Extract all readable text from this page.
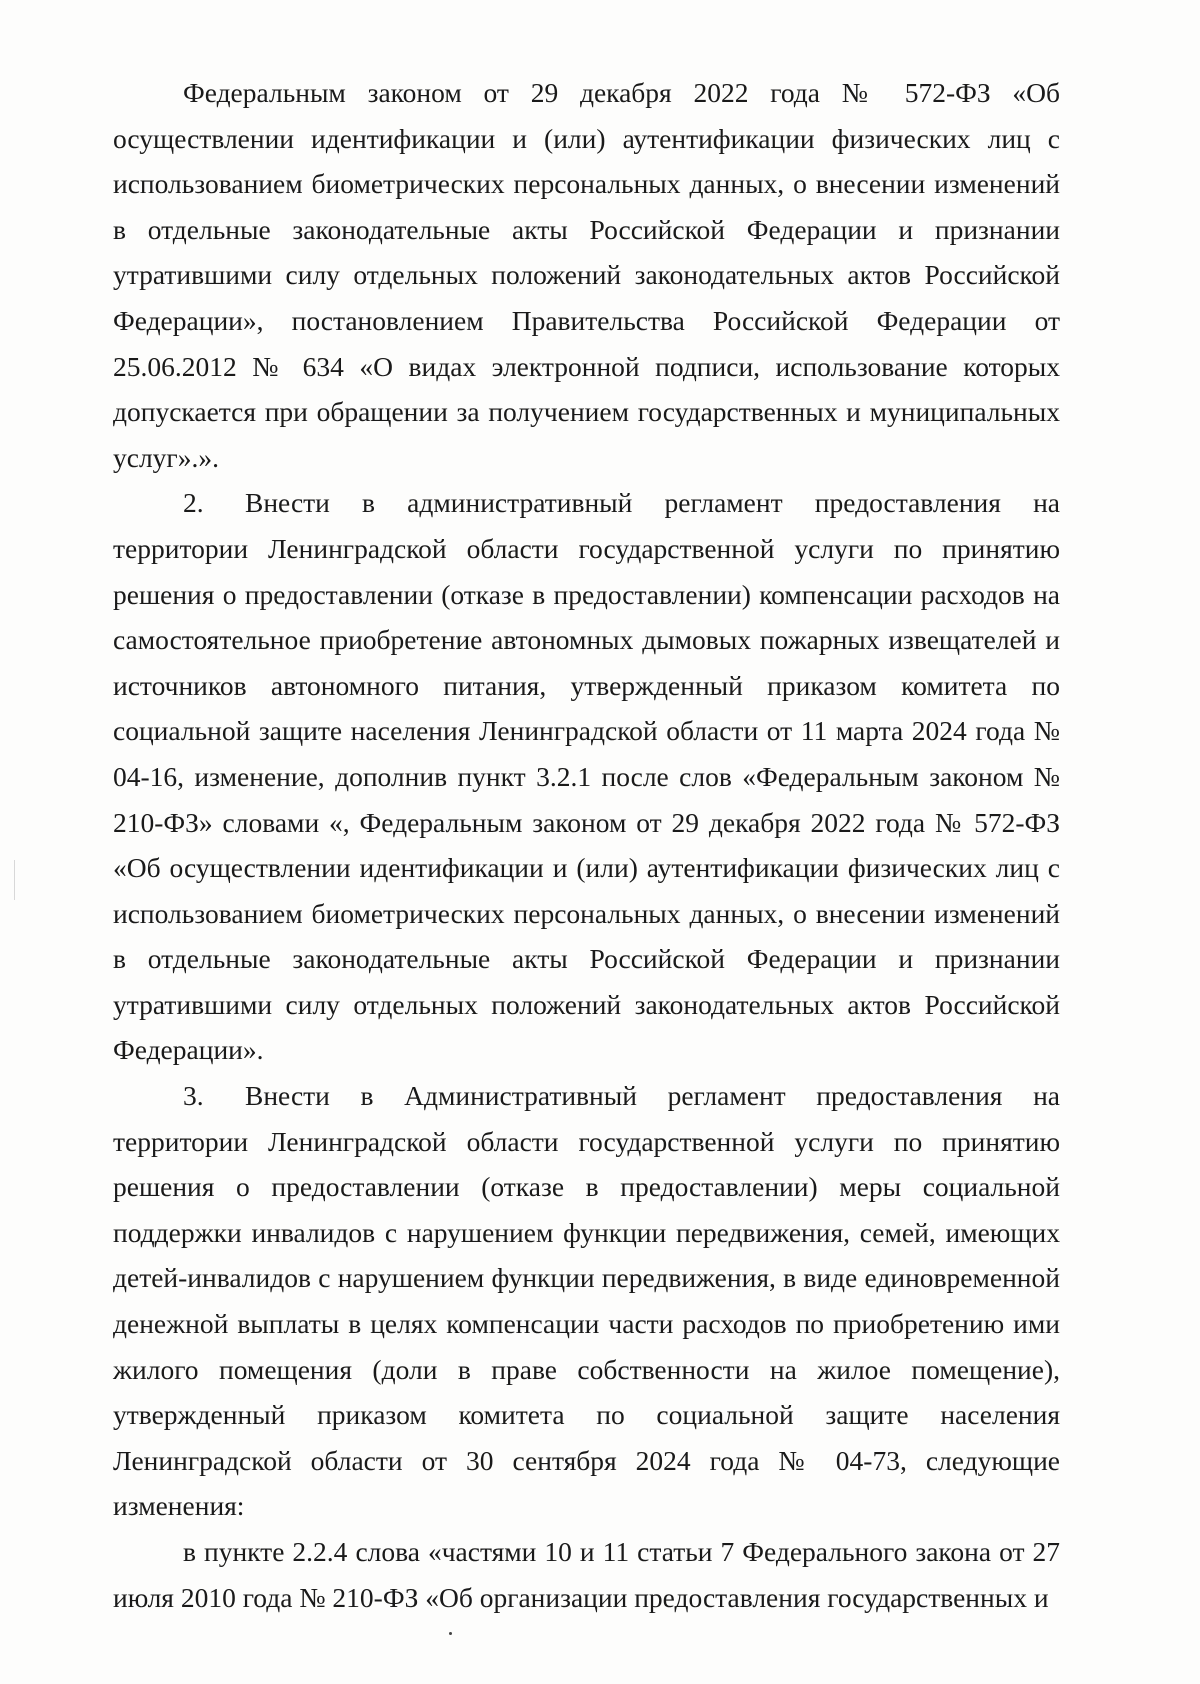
Федеральным законом от 29 декабря 2022 года № 572-ФЗ «Об осуществлении идентификации и (или) аутентификации физических лиц с использованием биометрических персональных данных, о внесении изменений в отдельные законодательные акты Российской Федерации и признании утратившими силу отдельных положений законодательных актов Российской Федерации», постановлением Правительства Российской Федерации от 25.06.2012 № 634 «О видах электронной подписи, использование которых допускается при обращении за получением государственных и муниципальных услуг».».

2. Внести в административный регламент предоставления на территории Ленинградской области государственной услуги по принятию решения о предоставлении (отказе в предоставлении) компенсации расходов на самостоятельное приобретение автономных дымовых пожарных извещателей и источников автономного питания, утвержденный приказом комитета по социальной защите населения Ленинградской области от 11 марта 2024 года № 04-16, изменение, дополнив пункт 3.2.1 после слов «Федеральным законом № 210-ФЗ» словами «, Федеральным законом от 29 декабря 2022 года № 572-ФЗ «Об осуществлении идентификации и (или) аутентификации физических лиц с использованием биометрических персональных данных, о внесении изменений в отдельные законодательные акты Российской Федерации и признании утратившими силу отдельных положений законодательных актов Российской Федерации».

3. Внести в Административный регламент предоставления на территории Ленинградской области государственной услуги по принятию решения о предоставлении (отказе в предоставлении) меры социальной поддержки инвалидов с нарушением функции передвижения, семей, имеющих детей-инвалидов с нарушением функции передвижения, в виде единовременной денежной выплаты в целях компенсации части расходов по приобретению ими жилого помещения (доли в праве собственности на жилое помещение), утвержденный приказом комитета по социальной защите населения Ленинградской области от 30 сентября 2024 года № 04-73, следующие изменения:

в пункте 2.2.4 слова «частями 10 и 11 статьи 7 Федерального закона от 27 июля 2010 года № 210-ФЗ «Об организации предоставления государственных и
